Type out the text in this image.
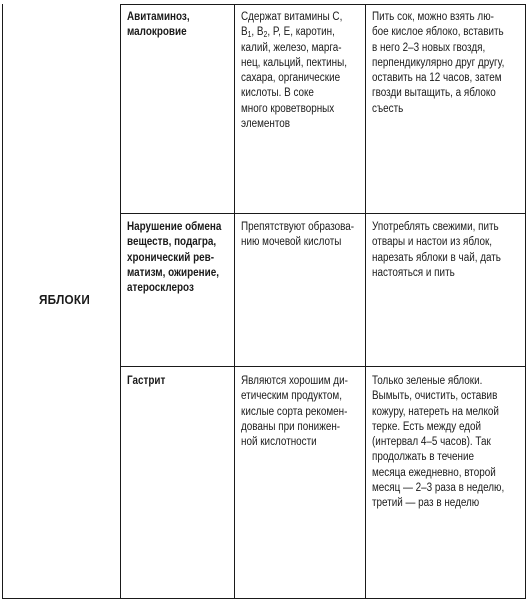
ЯБЛОКИ
Авитаминоз,
малокровие
Сдержат витамины С,
$B_1$, $B_2$, P, E, каротин,
калий, железо, марга-
нец, кальций, пектины,
сахара, органические
кислоты. В соке
много кроветворных
элементов
Пить сок, можно взять лю-
бое кислое яблоко, вставить
в него 2–3 новых гвоздя,
перпендикулярно друг другу,
оставить на 12 часов, затем
гвозди вытащить, а яблоко
съесть
Нарушение обмена
веществ, подагра,
хронический рев-
матизм, ожирение,
атеросклероз
Препятствуют образова-
нию мочевой кислоты
Употреблять свежими, пить
отвары и настои из яблок,
нарезать яблоки в чай, дать
настояться и пить
Гастрит	Являются хорошим ди-
етическим продуктом,
кислые сорта рекомен-
дованы при понижен-
ной кислотности
Только зеленые яблоки.
Вымыть, очистить, оставив
кожуру, натереть на мелкой
терке. Есть между едой
(интервал 4–5 часов). Так
продолжать в течение
месяца ежедневно, второй
месяц — 2–3 раза в неделю,
третий — раз в неделю
